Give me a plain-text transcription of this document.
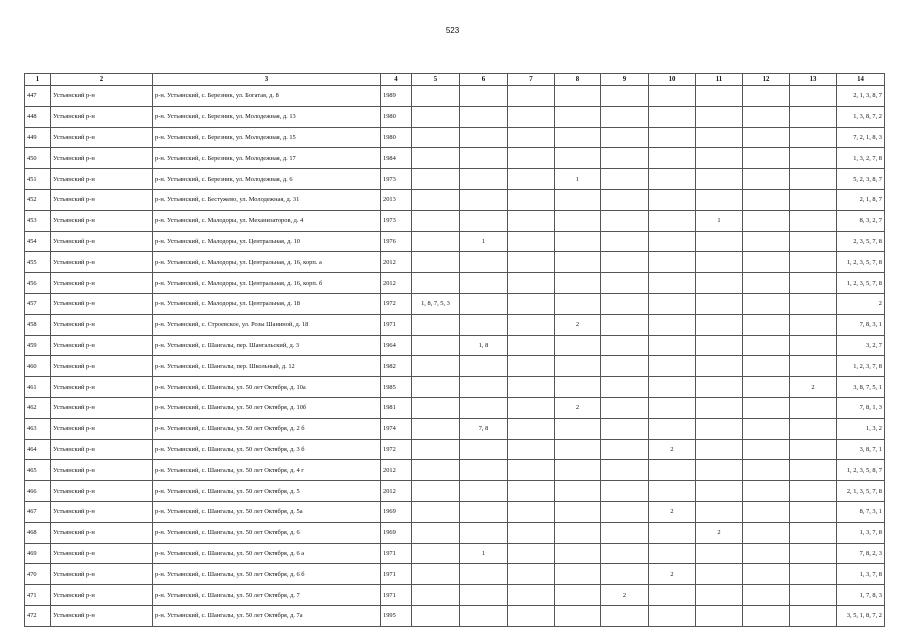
523
1	2	3	4	5	6	7	8	9	10	11	12	13	14
447	Устьянский р-н	р-н. Устьянский, с. Березник, ул. Богатая, д. 8	1989										2, 1, 3, 8, 7
448	Устьянский р-н	р-н. Устьянский, с. Березник, ул. Молодежная, д. 13	1980										1, 3, 8, 7, 2
449	Устьянский р-н	р-н. Устьянский, с. Березник, ул. Молодежная, д. 15	1980										7, 2, 1, 8, 3
450	Устьянский р-н	р-н. Устьянский, с. Березник, ул. Молодежная, д. 17	1984										1, 3, 2, 7, 8
451	Устьянский р-н	р-н. Устьянский, с. Березник, ул. Молодежная, д. 6	1973				1						5, 2, 3, 8, 7
452	Устьянский р-н	р-н. Устьянский, с. Бестужево, ул. Молодежная, д. 31	2013										2, 1, 8, 7
453	Устьянский р-н	р-н. Устьянский, с. Малодоры, ул. Механизаторов, д. 4	1973							1			8, 3, 2, 7
454	Устьянский р-н	р-н. Устьянский, с. Малодоры, ул. Центральная, д. 10	1976		1								2, 3, 5, 7, 8
455	Устьянский р-н	р-н. Устьянский, с. Малодоры, ул. Центральная, д. 16, корп. а	2012										1, 2, 3, 5, 7, 8
456	Устьянский р-н	р-н. Устьянский, с. Малодоры, ул. Центральная, д. 16, корп. б	2012										1, 2, 3, 5, 7, 8
457	Устьянский р-н	р-н. Устьянский, с. Малодоры, ул. Центральная, д. 18	1972	1, 8, 7, 5, 3									2
458	Устьянский р-н	р-н. Устьянский, с. Строевское, ул. Розы Шаниной, д. 18	1971				2						7, 8, 3, 1
459	Устьянский р-н	р-н. Устьянский, с. Шангалы, пер. Шангальский, д. 3	1964		1, 8								3, 2, 7
460	Устьянский р-н	р-н. Устьянский, с. Шангалы, пер. Школьный, д. 12	1982										1, 2, 3, 7, 8
461	Устьянский р-н	р-н. Устьянский, с. Шангалы, ул. 50 лет Октября, д. 10а	1985									2	3, 8, 7, 5, 1
462	Устьянский р-н	р-н. Устьянский, с. Шангалы, ул. 50 лет Октября, д. 10б	1981				2						7, 8, 1, 3
463	Устьянский р-н	р-н. Устьянский, с. Шангалы, ул. 50 лет Октября, д. 2 б	1974		7, 8								1, 3, 2
464	Устьянский р-н	р-н. Устьянский, с. Шангалы, ул. 50 лет Октября, д. 3 б	1972						2				3, 8, 7, 1
465	Устьянский р-н	р-н. Устьянский, с. Шангалы, ул. 50 лет Октября, д. 4 г	2012										1, 2, 3, 5, 8, 7
466	Устьянский р-н	р-н. Устьянский, с. Шангалы, ул. 50 лет Октября, д. 5	2012										2, 1, 3, 5, 7, 8
467	Устьянский р-н	р-н. Устьянский, с. Шангалы, ул. 50 лет Октября, д. 5а	1969						2				8, 7, 3, 1
468	Устьянский р-н	р-н. Устьянский, с. Шангалы, ул. 50 лет Октября, д. 6	1969							2			1, 3, 7, 8
469	Устьянский р-н	р-н. Устьянский, с. Шангалы, ул. 50 лет Октября, д. 6 а	1971		1								7, 8, 2, 3
470	Устьянский р-н	р-н. Устьянский, с. Шангалы, ул. 50 лет Октября, д. 6 б	1971						2				1, 3, 7, 8
471	Устьянский р-н	р-н. Устьянский, с. Шангалы, ул. 50 лет Октября, д. 7	1971					2					1, 7, 8, 3
472	Устьянский р-н	р-н. Устьянский, с. Шангалы, ул. 50 лет Октября, д. 7а	1995										3, 5, 1, 8, 7, 2
